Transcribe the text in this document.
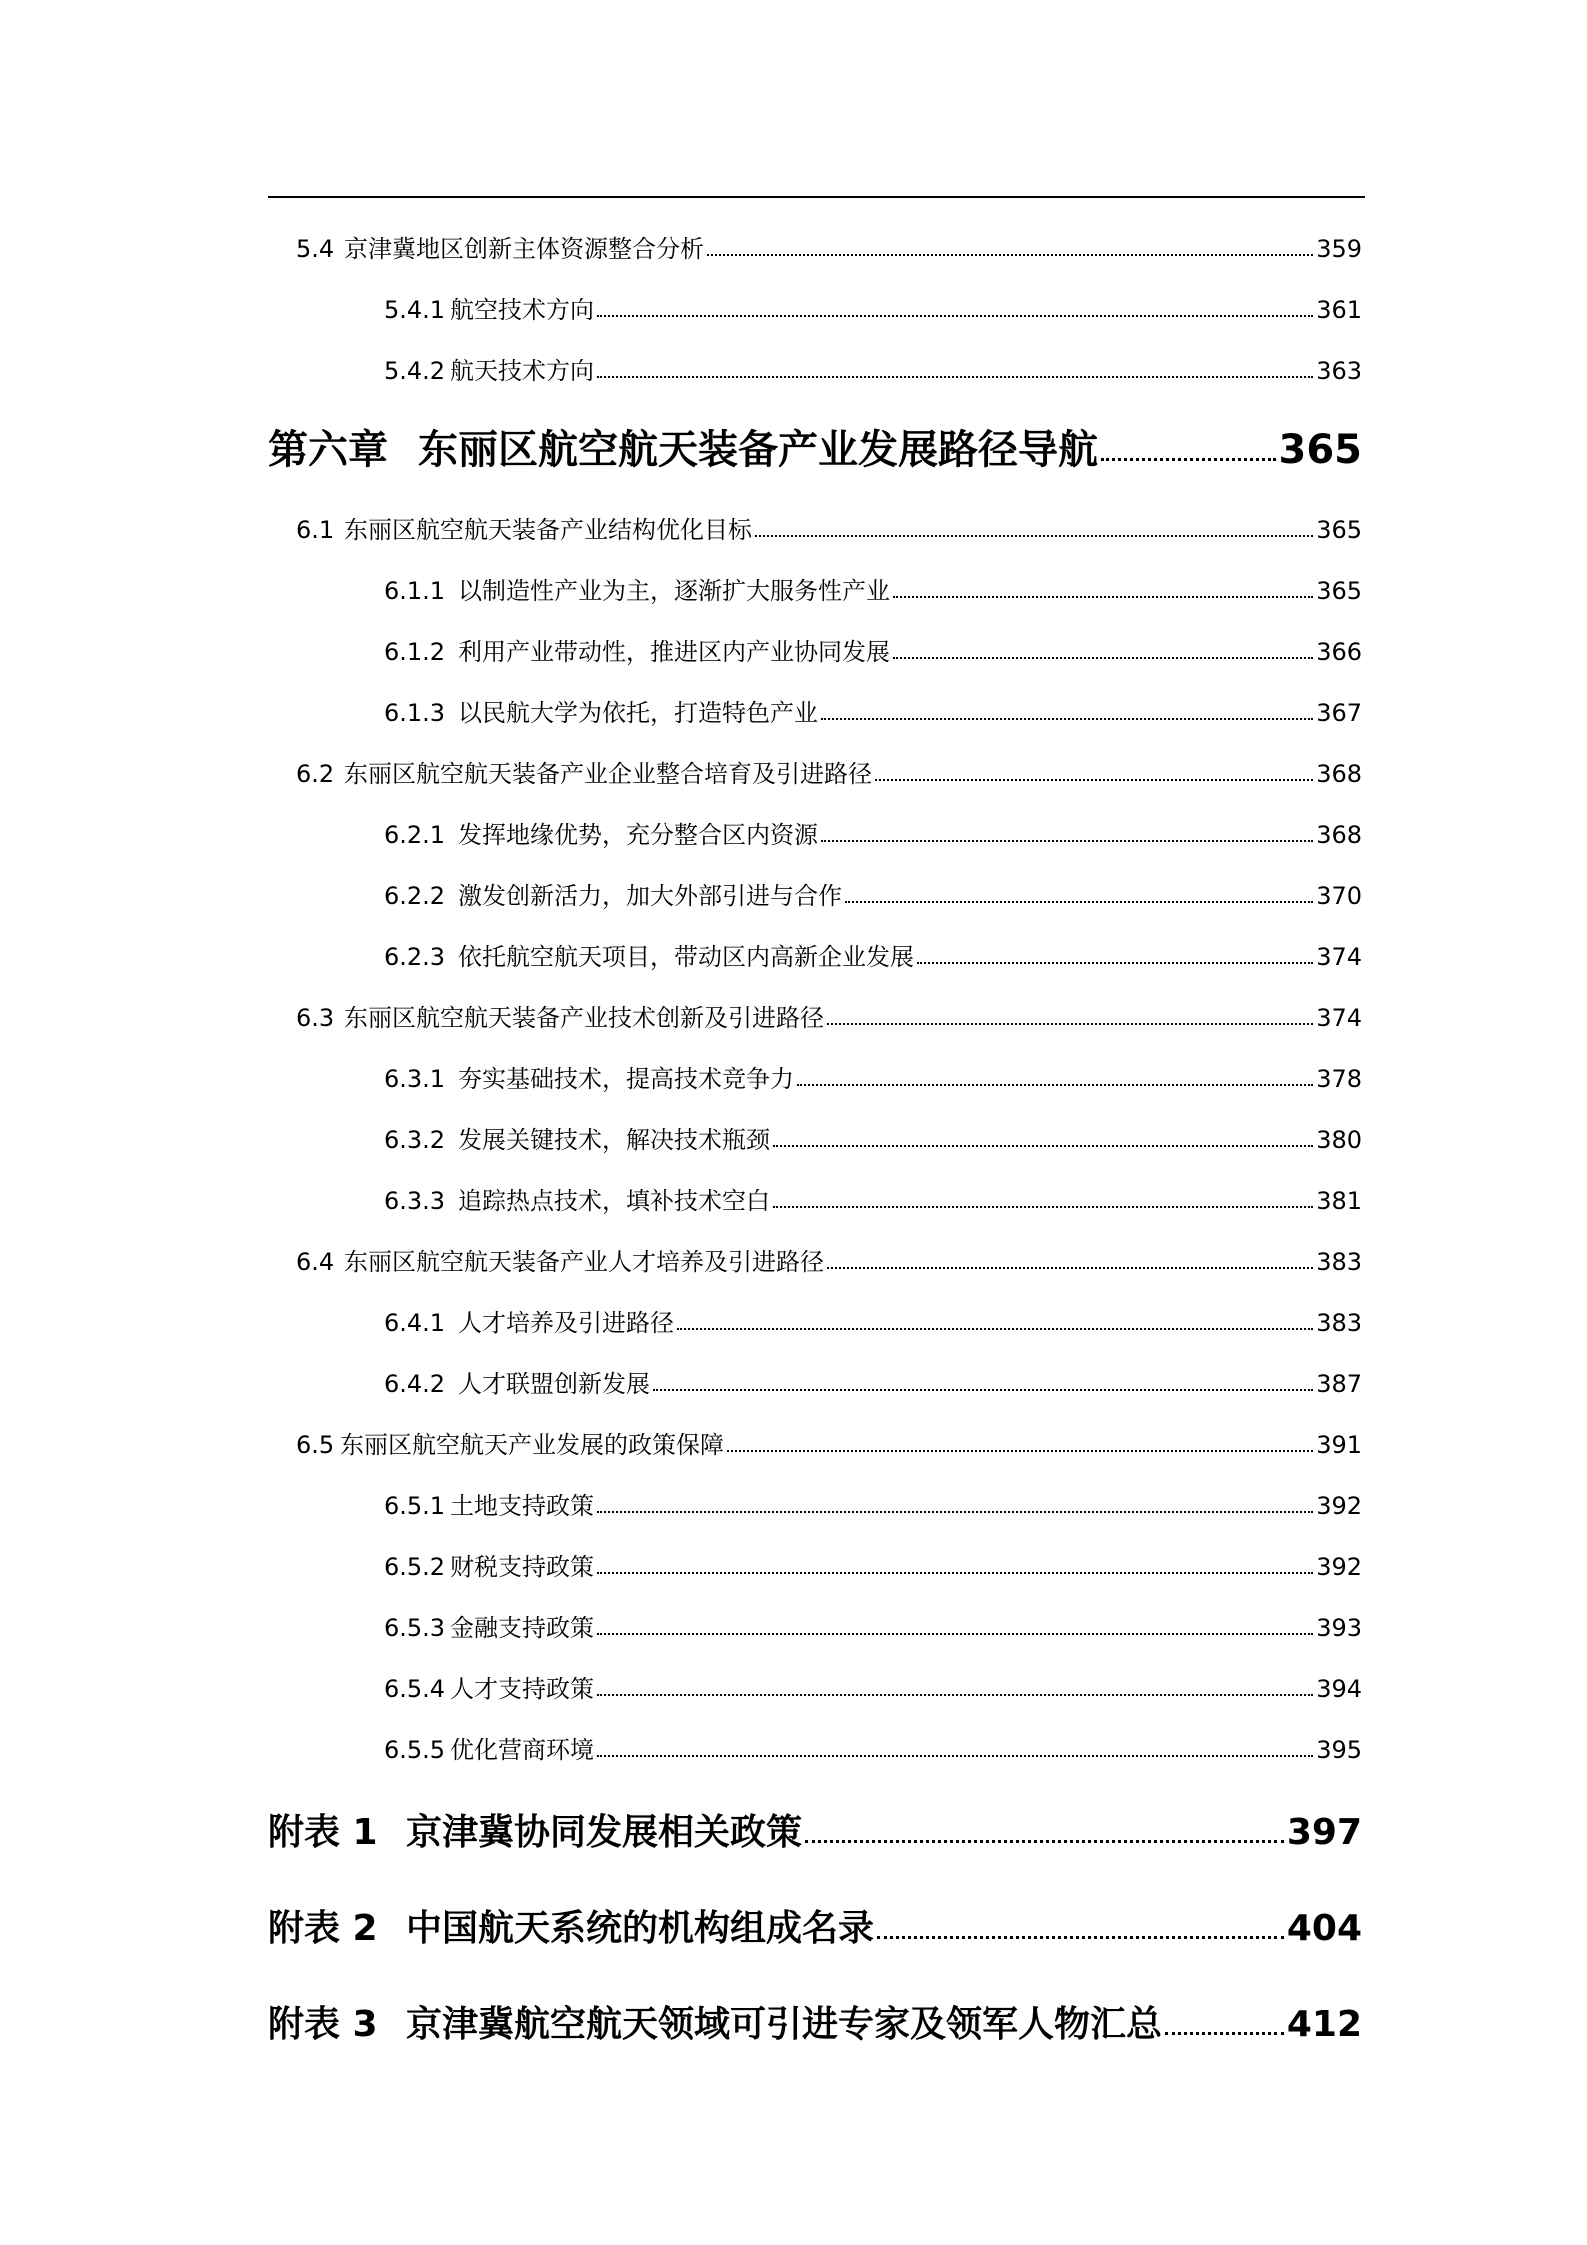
5.4 京津冀地区创新主体资源整合分析	359
5.4.1 航空技术方向	361
5.4.2 航天技术方向	363
第六章 东丽区航空航天装备产业发展路径导航	365
6.1 东丽区航空航天装备产业结构优化目标	365
6.1.1 以制造性产业为主，逐渐扩大服务性产业	365
6.1.2 利用产业带动性，推进区内产业协同发展	366
6.1.3 以民航大学为依托，打造特色产业	367
6.2 东丽区航空航天装备产业企业整合培育及引进路径	368
6.2.1 发挥地缘优势，充分整合区内资源	368
6.2.2 激发创新活力，加大外部引进与合作	370
6.2.3 依托航空航天项目，带动区内高新企业发展	374
6.3 东丽区航空航天装备产业技术创新及引进路径	374
6.3.1 夯实基础技术，提高技术竞争力	378
6.3.2 发展关键技术，解决技术瓶颈	380
6.3.3 追踪热点技术，填补技术空白	381
6.4 东丽区航空航天装备产业人才培养及引进路径	383
6.4.1 人才培养及引进路径	383
6.4.2 人才联盟创新发展	387
6.5 东丽区航空航天产业发展的政策保障	391
6.5.1 土地支持政策	392
6.5.2 财税支持政策	392
6.5.3 金融支持政策	393
6.5.4 人才支持政策	394
6.5.5 优化营商环境	395
附表 1 京津冀协同发展相关政策	397
附表 2 中国航天系统的机构组成名录	404
附表 3 京津冀航空航天领域可引进专家及领军人物汇总	412
